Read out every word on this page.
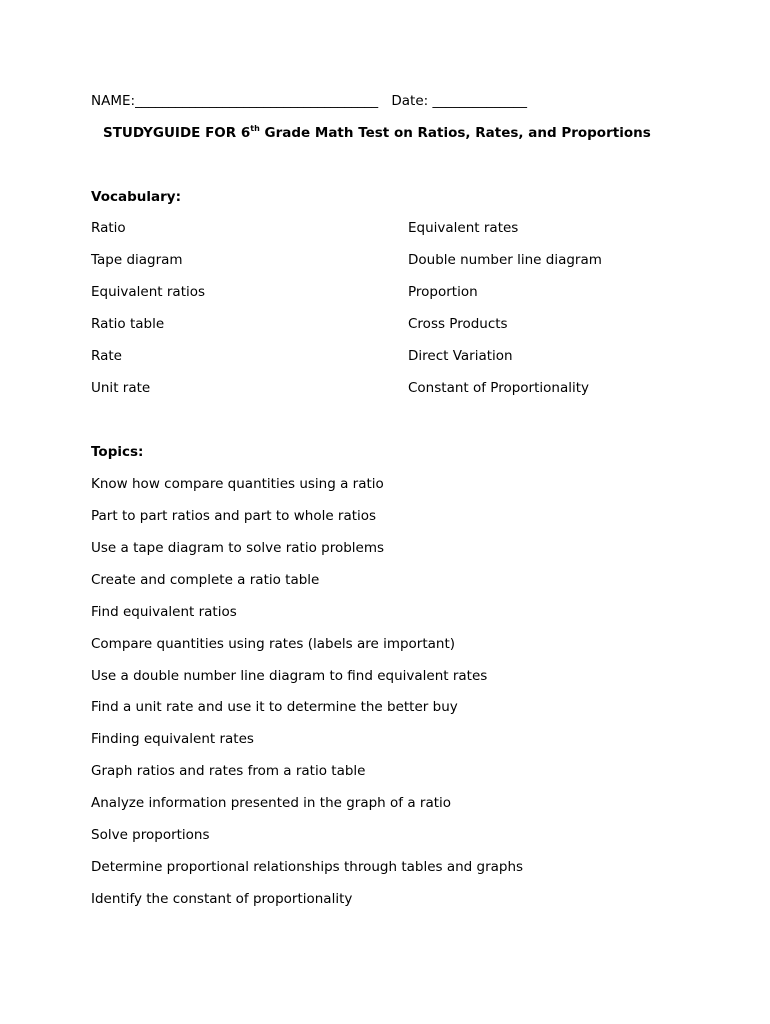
NAME:____________________________________ Date: ______________
STUDYGUIDE FOR 6th Grade Math Test on Ratios, Rates, and Proportions
Vocabulary:
Ratio
Tape diagram
Equivalent ratios
Ratio table
Rate
Unit rate
Equivalent rates
Double number line diagram
Proportion
Cross Products
Direct Variation
Constant of Proportionality
Topics:
Know how compare quantities using a ratio
Part to part ratios and part to whole ratios
Use a tape diagram to solve ratio problems
Create and complete a ratio table
Find equivalent ratios
Compare quantities using rates (labels are important)
Use a double number line diagram to find equivalent rates
Find a unit rate and use it to determine the better buy
Finding equivalent rates
Graph ratios and rates from a ratio table
Analyze information presented in the graph of a ratio
Solve proportions
Determine proportional relationships through tables and graphs
Identify the constant of proportionality
